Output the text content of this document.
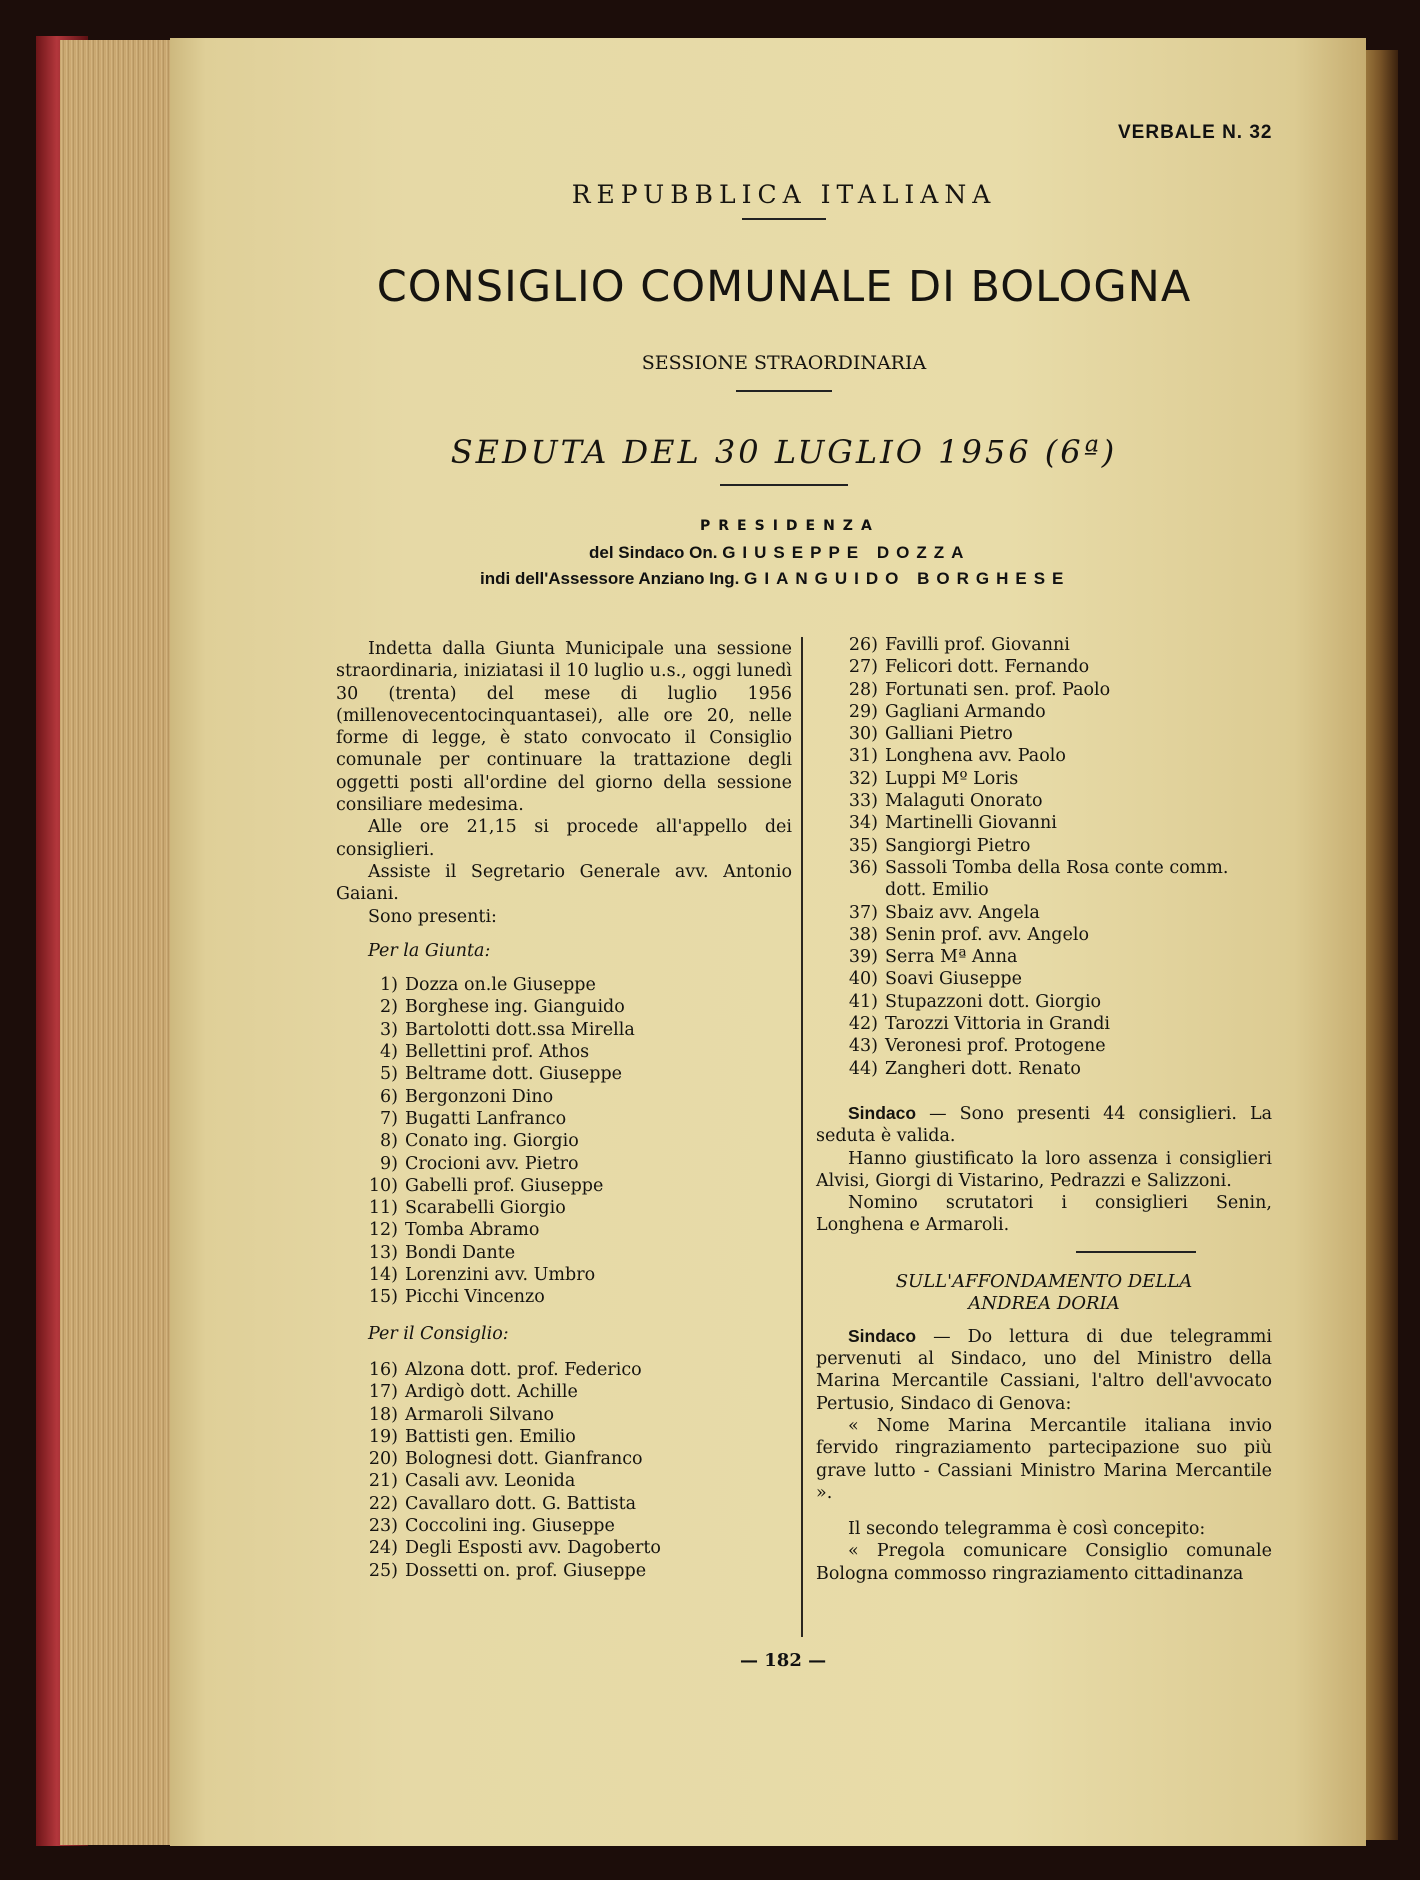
VERBALE N. 32
REPUBBLICA ITALIANA
CONSIGLIO COMUNALE DI BOLOGNA
SESSIONE STRAORDINARIA
SEDUTA DEL 30 LUGLIO 1956 (6ª)
PRESIDENZA
del Sindaco On. GIUSEPPE DOZZA
indi dell'Assessore Anziano Ing. GIANGUIDO BORGHESE

Indetta dalla Giunta Municipale una sessione straordinaria, iniziatasi il 10 luglio u.s., oggi lunedì 30 (trenta) del mese di luglio 1956 (millenovecentocinquantasei), alle ore 20, nelle forme di legge, è stato convocato il Consiglio comunale per continuare la trattazione degli oggetti posti all'ordine del giorno della sessione consiliare medesima.

Alle ore 21,15 si procede all'appello dei consiglieri.

Assiste il Segretario Generale avv. Antonio Gaiani.

Sono presenti:

Per la Giunta:

1) Dozza on.le Giuseppe
2) Borghese ing. Gianguido
3) Bartolotti dott.ssa Mirella
4) Bellettini prof. Athos
5) Beltrame dott. Giuseppe
6) Bergonzoni Dino
7) Bugatti Lanfranco
8) Conato ing. Giorgio
9) Crocioni avv. Pietro
10) Gabelli prof. Giuseppe
11) Scarabelli Giorgio
12) Tomba Abramo
13) Bondi Dante
14) Lorenzini avv. Umbro
15) Picchi Vincenzo

Per il Consiglio:

16) Alzona dott. prof. Federico
17) Ardigò dott. Achille
18) Armaroli Silvano
19) Battisti gen. Emilio
20) Bolognesi dott. Gianfranco
21) Casali avv. Leonida
22) Cavallaro dott. G. Battista
23) Coccolini ing. Giuseppe
24) Degli Esposti avv. Dagoberto
25) Dossetti on. prof. Giuseppe
26) Favilli prof. Giovanni
27) Felicori dott. Fernando
28) Fortunati sen. prof. Paolo
29) Gagliani Armando
30) Galliani Pietro
31) Longhena avv. Paolo
32) Luppi Mº Loris
33) Malaguti Onorato
34) Martinelli Giovanni
35) Sangiorgi Pietro
36) Sassoli Tomba della Rosa conte comm.
dott. Emilio
37) Sbaiz avv. Angela
38) Senin prof. avv. Angelo
39) Serra Mª Anna
40) Soavi Giuseppe
41) Stupazzoni dott. Giorgio
42) Tarozzi Vittoria in Grandi
43) Veronesi prof. Protogene
44) Zangheri dott. Renato

Sindaco — Sono presenti 44 consiglieri. La seduta è valida.

Hanno giustificato la loro assenza i consiglieri Alvisi, Giorgi di Vistarino, Pedrazzi e Salizzoni.

Nomino scrutatori i consiglieri Senin, Longhena e Armaroli.

SULL'AFFONDAMENTO DELLA
ANDREA DORIA

Sindaco — Do lettura di due telegrammi pervenuti al Sindaco, uno del Ministro della Marina Mercantile Cassiani, l'altro dell'avvocato Pertusio, Sindaco di Genova:

« Nome Marina Mercantile italiana invio fervido ringraziamento partecipazione suo più grave lutto - Cassiani Ministro Marina Mercantile ».

Il secondo telegramma è così concepito:

« Pregola comunicare Consiglio comunale Bologna commosso ringraziamento cittadinanza

— 182 —
